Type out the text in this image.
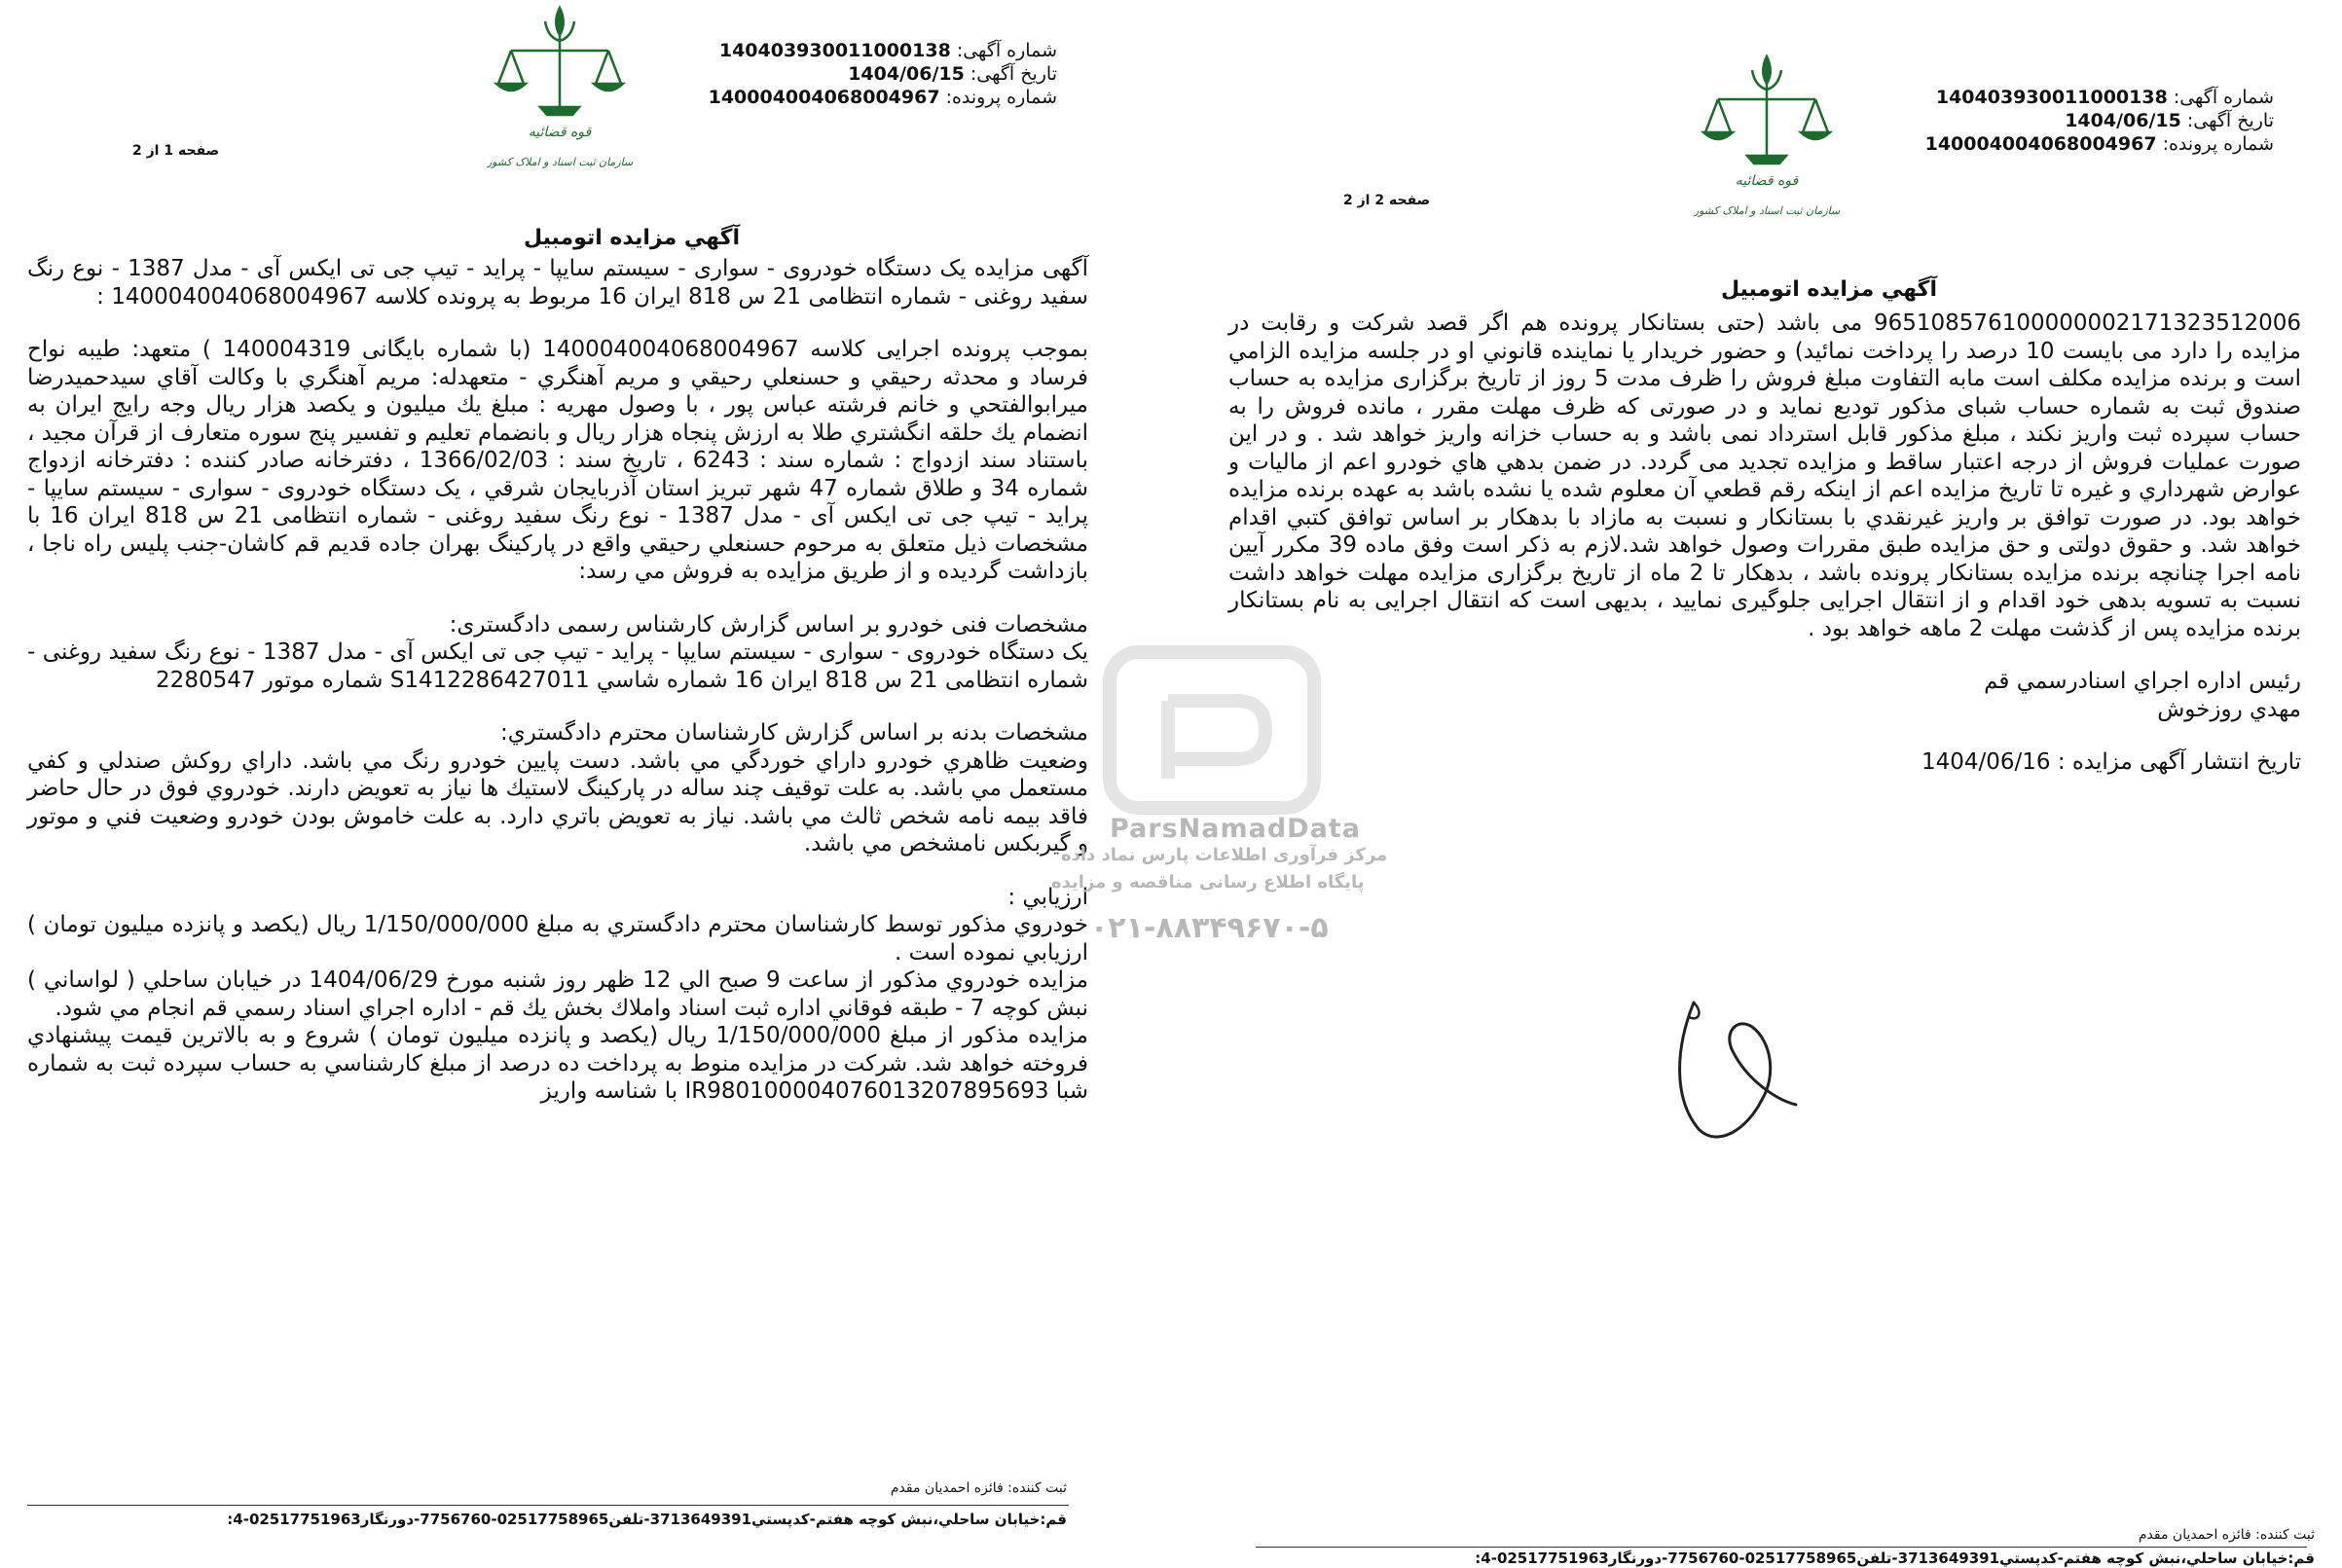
قوه قضائیه
سازمان ثبت اسناد و املاک کشور
شماره آگهی:140403930011000138
تاریخ آگهی:1404/06/15
شماره پرونده:140004004068004967
صفحه 1 از 2
آگهي مزايده اتومبيل

آگهی مزایده یک دستگاه خودروی - سواری - سیستم سایپا - پراید - تیپ جی تی ایکس آی - مدل 1387 - نوع رنگ سفید روغنی - شماره انتظامی 21 س 818 ایران 16 مربوط به پرونده کلاسه 140004004068004967 :

بموجب پرونده اجرایی کلاسه 140004004068004967 (با شماره بایگانی 140004319 ) متعهد: طيبه نواح فرساد و محدثه رحيقي و حسنعلي رحيقي و مريم آهنگري - متعهدله: مريم آهنگري با وكالت آقاي سيدحميدرضا ميرابوالفتحي و خانم فرشته عباس پور ، با وصول مهريه : مبلغ يك ميليون و يكصد هزار ريال وجه رايج ايران به انضمام يك حلقه انگشتري طلا به ارزش پنجاه هزار ريال و بانضمام تعليم و تفسير پنج سوره متعارف از قرآن مجيد ، باستناد سند ازدواج : شماره سند : 6243 ، تاريخ سند : 1366/02/03 ، دفترخانه صادر كننده : دفترخانه ازدواج شماره 34 و طلاق شماره 47 شهر تبريز استان آذربايجان شرقي ، یک دستگاه خودروی - سواری - سیستم سایپا - پراید - تیپ جی تی ایکس آی - مدل 1387 - نوع رنگ سفید روغنی - شماره انتظامی 21 س 818 ایران 16 با مشخصات ذيل متعلق به مرحوم حسنعلي رحيقي واقع در پاركينگ بهران جاده قديم قم كاشان-جنب پليس راه ناجا ، بازداشت گرديده و از طريق مزايده به فروش مي رسد:

مشخصات فنی خودرو بر اساس گزارش کارشناس رسمی دادگستری:

یک دستگاه خودروی - سواری - سیستم سایپا - پراید - تیپ جی تی ایکس آی - مدل 1387 - نوع رنگ سفید روغنی - شماره انتظامی 21 س 818 ایران 16 شماره شاسي S1412286427011 شماره موتور 2280547

مشخصات بدنه بر اساس گزارش كارشناسان محترم دادگستري:

وضعيت ظاهري خودرو داراي خوردگي مي باشد. دست پايين خودرو رنگ مي باشد. داراي روكش صندلي و كفي مستعمل مي باشد. به علت توقيف چند ساله در پاركينگ لاستيك ها نياز به تعويض دارند. خودروي فوق در حال حاضر فاقد بيمه نامه شخص ثالث مي باشد. نياز به تعويض باتري دارد. به علت خاموش بودن خودرو وضعيت فني و موتور و گيربكس نامشخص مي باشد.

ارزيابي :

خودروي مذكور توسط كارشناسان محترم دادگستري به مبلغ 1/150/000/000 ريال (يكصد و پانزده ميليون تومان ) ارزيابي نموده است .

مزايده خودروي مذكور از ساعت 9 صبح الي 12 ظهر روز شنبه مورخ 1404/06/29 در خيابان ساحلي ( لواساني ) نبش كوچه 7 - طبقه فوقاني اداره ثبت اسناد واملاك بخش يك قم - اداره اجراي اسناد رسمي قم انجام مي شود.

مزايده مذكور از مبلغ 1/150/000/000 ريال (يكصد و پانزده ميليون تومان ) شروع و به بالاترين قيمت پيشنهادي فروخته خواهد شد. شركت در مزايده منوط به پرداخت ده درصد از مبلغ كارشناسي به حساب سپرده ثبت به شماره شبا IR980100004076013207895693 با شناسه واريز

ثبت کننده: فائزه احمديان مقدم
قم:خيابان ساحلي،نبش كوچه هفتم-كدپستي3713649391-تلفن02517758965-7756760-دورنگار02517751963-4:
قوه قضائیه
سازمان ثبت اسناد و املاک کشور
شماره آگهی:140403930011000138
تاریخ آگهی:1404/06/15
شماره پرونده:140004004068004967
صفحه 2 از 2
آگهي مزايده اتومبيل

965108576100000002171323512006 می باشد (حتی بستانکار پرونده هم اگر قصد شرکت و رقابت در مزایده را دارد می بایست 10 درصد را پرداخت نمائید) و حضور خريدار يا نماينده قانوني او در جلسه مزايده الزامي است و برنده مزایده مکلف است مابه التفاوت مبلغ فروش را ظرف مدت 5 روز از تاریخ برگزاری مزایده به حساب صندوق ثبت به شماره حساب شبای مذکور توديع نمايد و در صورتی كه ظرف مهلت مقرر ، مانده فروش را به حساب سپرده ثبت واریز نکند ، مبلغ مذکور قابل استرداد نمی باشد و به حساب خزانه واریز خواهد شد . و در این صورت عملیات فروش از درجه اعتبار ساقط و مزایده تجدید می گردد. در ضمن بدهي هاي خودرو اعم از ماليات و عوارض شهرداري و غيره تا تاريخ مزايده اعم از اينكه رقم قطعي آن معلوم شده يا نشده باشد به عهده برنده مزايده خواهد بود. در صورت توافق بر واريز غيرنقدي با بستانكار و نسبت به مازاد با بدهكار بر اساس توافق كتبي اقدام خواهد شد. و حقوق دولتی و حق مزایده طبق مقررات وصول خواهد شد.لازم به ذکر است وفق ماده 39 مکرر آیین نامه اجرا چنانچه برنده مزایده بستانکار پرونده باشد ، بدهکار تا 2 ماه از تاریخ برگزاری مزایده مهلت خواهد داشت نسبت به تسویه بدهی خود اقدام و از انتقال اجرایی جلوگیری نمایید ، بدیهی است که انتقال اجرایی به نام بستانکار برنده مزایده پس از گذشت مهلت 2 ماهه خواهد بود .

رئيس اداره اجراي اسنادرسمي قم

مهدي روزخوش

تاریخ انتشار آگهی مزایده : 1404/06/16

ثبت کننده: فائزه احمديان مقدم
قم:خيابان ساحلي،نبش كوچه هفتم-كدپستي3713649391-تلفن02517758965-7756760-دورنگار02517751963-4:
ParsNamadData
مرکز فرآوری اطلاعات پارس نماد داده
پایگاه اطلاع رسانی مناقصه و مزایده
۰۲۱-۸۸۳۴۹۶۷۰-۵
